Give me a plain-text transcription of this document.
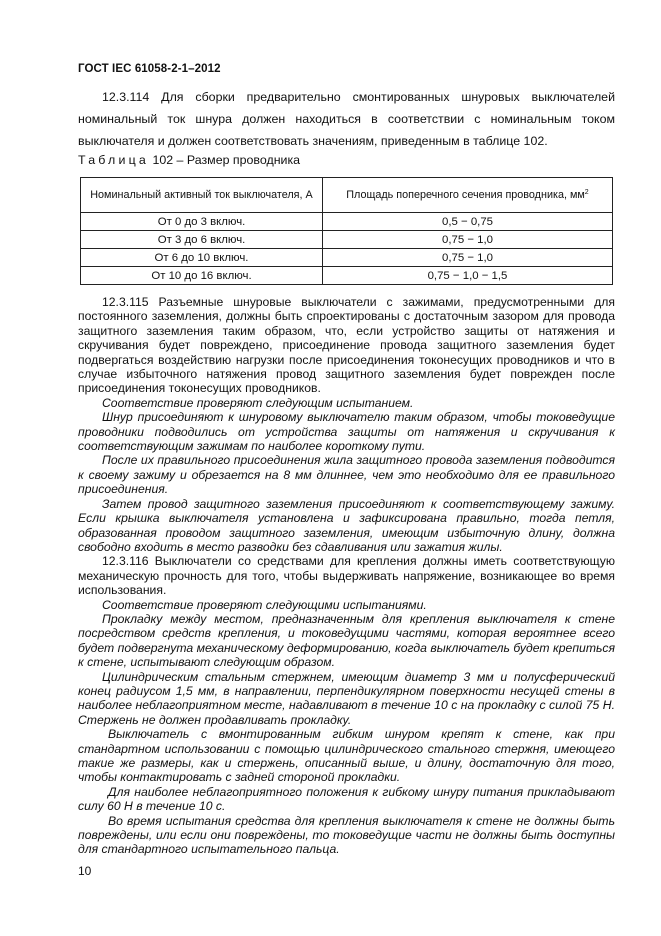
ГОСТ IEC 61058-2-1–2012

12.3.114 Для сборки предварительно смонтированных шнуровых выключателей номинальный ток шнура должен находиться в соответствии с номинальным током выключателя и должен соответствовать значениям, приведенным в таблице 102.

Таблица 102 – Размер проводника
Номинальный активный ток выключателя, А	Площадь поперечного сечения проводника, $мм^2$
От 0 до 3 включ.	0,5 − 0,75
От 3 до 6 включ.	0,75 − 1,0
От 6 до 10 включ.	0,75 − 1,0
От 10 до 16 включ.	0,75 − 1,0 − 1,5

12.3.115 Разъемные шнуровые выключатели с зажимами, предусмотренными для постоянного заземления, должны быть спроектированы с достаточным зазором для провода защитного заземления таким образом, что, если устройство защиты от натяжения и скручивания будет повреждено, присоединение провода защитного заземления будет подвергаться воздействию нагрузки после присоединения токонесущих проводников и что в случае избыточного натяжения провод защитного заземления будет поврежден после присоединения токонесущих проводников.

Соответствие проверяют следующим испытанием.

Шнур присоединяют к шнуровому выключателю таким образом, чтобы токоведущие проводники подводились от устройства защиты от натяжения и скручивания к соответствующим зажимам по наиболее короткому пути.

После их правильного присоединения жила защитного провода заземления подводится к своему зажиму и обрезается на 8 мм длиннее, чем это необходимо для ее правильного присоединения.

Затем провод защитного заземления присоединяют к соответствующему зажиму. Если крышка выключателя установлена и зафиксирована правильно, тогда петля, образованная проводом защитного заземления, имеющим избыточную длину, должна свободно входить в место разводки без сдавливания или зажатия жилы.

12.3.116 Выключатели со средствами для крепления должны иметь соответствующую механическую прочность для того, чтобы выдерживать напряжение, возникающее во время использования.

Соответствие проверяют следующими испытаниями.

Прокладку между местом, предназначенным для крепления выключателя к стене посредством средств крепления, и токоведущими частями, которая вероятнее всего будет подвергнута механическому деформированию, когда выключатель будет крепиться к стене, испытывают следующим образом.

Цилиндрическим стальным стержнем, имеющим диаметр 3 мм и полусферический конец радиусом 1,5 мм, в направлении, перпендикулярном поверхности несущей стены в наиболее неблагоприятном месте, надавливают в течение 10 с на прокладку с силой 75 Н. Стержень не должен продавливать прокладку.

Выключатель с вмонтированным гибким шнуром крепят к стене, как при стандартном использовании с помощью цилиндрического стального стержня, имеющего такие же размеры, как и стержень, описанный выше, и длину, достаточную для того, чтобы контактировать с задней стороной прокладки.

Для наиболее неблагоприятного положения к гибкому шнуру питания прикладывают силу 60 Н в течение 10 с.

Во время испытания средства для крепления выключателя к стене не должны быть повреждены, или если они повреждены, то токоведущие части не должны быть доступны для стандартного испытательного пальца.

10
